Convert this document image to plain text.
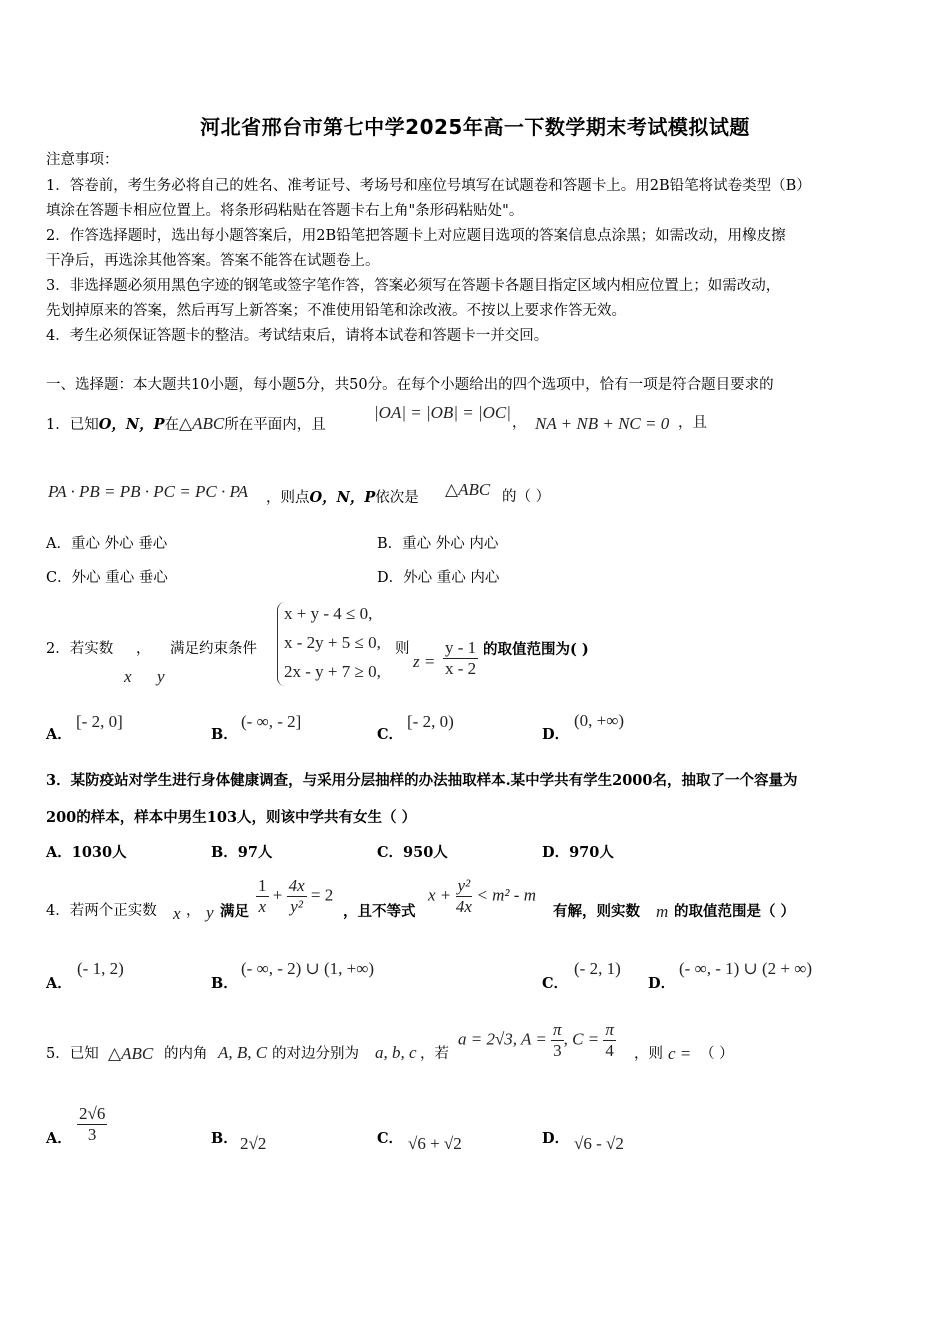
河北省邢台市第七中学2025年高一下数学期末考试模拟试题
注意事项：
1．答卷前，考生务必将自己的姓名、准考证号、考场号和座位号填写在试题卷和答题卡上。用2B铅笔将试卷类型（B）
填涂在答题卡相应位置上。将条形码粘贴在答题卡右上角"条形码粘贴处"。
2．作答选择题时，选出每小题答案后，用2B铅笔把答题卡上对应题目选项的答案信息点涂黑；如需改动，用橡皮擦
干净后，再选涂其他答案。答案不能答在试题卷上。
3．非选择题必须用黑色字迹的钢笔或签字笔作答，答案必须写在答题卡各题目指定区域内相应位置上；如需改动，
先划掉原来的答案，然后再写上新答案；不准使用铅笔和涂改液。不按以上要求作答无效。
4．考生必须保证答题卡的整洁。考试结束后，请将本试卷和答题卡一并交回。
一、选择题：本大题共10小题，每小题5分，共50分。在每个小题给出的四个选项中，恰有一项是符合题目要求的
1．已知O，N，P在△ABC所在平面内，且
|OA| = |OB| = |OC|
， NA + NB + NC = 0 ，且
PA · PB = PB · PC = PC · PA ，则点O，N，P依次是 △ABC 的（ ）
A．重心 外心 垂心	B．重心 外心 内心
C．外心 重心 垂心	D．外心 重心 内心
2．若实数 ， 满足约束条件
x y
x + y - 4 ≤ 0,
x - 2y + 5 ≤ 0,
2x - y + 7 ≥ 0,
则
$z = \frac{y - 1}{x - 2}$ 的取值范围为( )
A．
[- 2, 0]
B．
(- ∞, - 2]
C．
[- 2, 0)
D．
(0, +∞)
3．某防疫站对学生进行身体健康调查，与采用分层抽样的办法抽取样本.某中学共有学生2000名，抽取了一个容量为
200的样本，样本中男生103人，则该中学共有女生（ ）
A．1030人	B．97人	C．950人	D．970人
4．若两个正实数 x ， y 满足 $\frac{1}{x} + \frac{4x}{\text{y²}} = 2$
，且不等式
$x + \frac{\text{y²}}{4x} < m^2 - m$
有解，则实数 m 的取值范围是（ ）
A．
(- 1, 2)
B．
(- ∞, - 2) ∪ (1, +∞)
C．
(- 2, 1)
D．
(- ∞, - 1) ∪ (2 + ∞)
5．已知 △ABC 的内角 A, B, C 的对边分别为 a, b, c ，若
a = 2√3, $A = \frac{\pi}{3}$ , $C = \frac{\pi}{4}$ ，则 c = （ ）
A． $\frac{2√6}{3}$	B． 2√2	C． √6 + √2	D． √6 - √2
